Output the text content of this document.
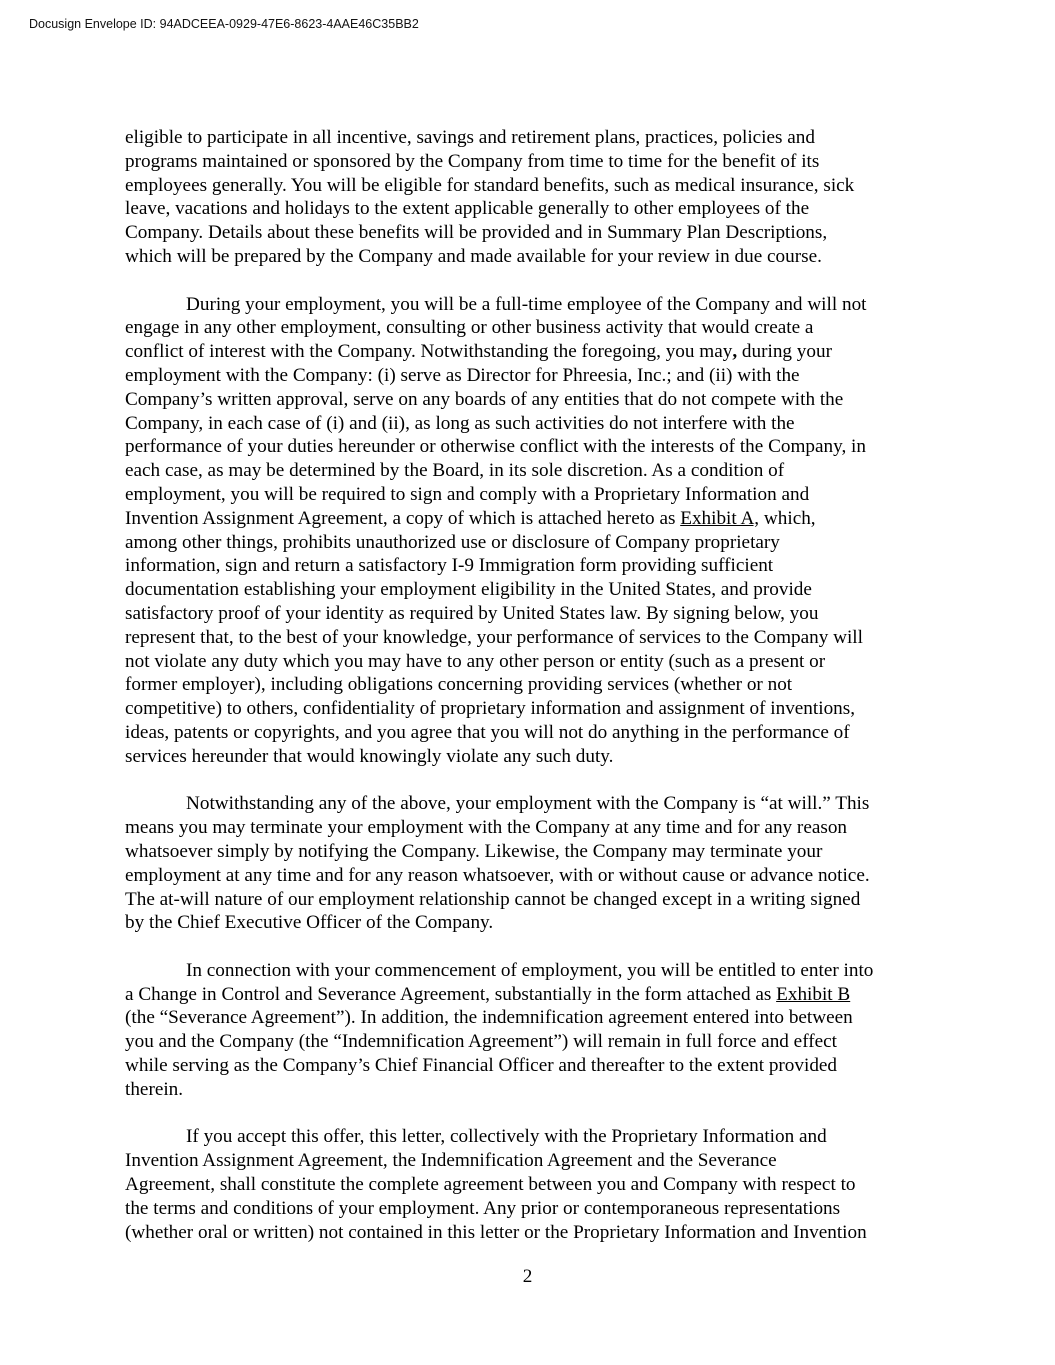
Docusign Envelope ID: 94ADCEEA-0929-47E6-8623-4AAE46C35BB2
eligible to participate in all incentive, savings and retirement plans, practices, policies and
programs maintained or sponsored by the Company from time to time for the benefit of its
employees generally. You will be eligible for standard benefits, such as medical insurance, sick
leave, vacations and holidays to the extent applicable generally to other employees of the
Company. Details about these benefits will be provided and in Summary Plan Descriptions,
which will be prepared by the Company and made available for your review in due course.
During your employment, you will be a full-time employee of the Company and will not
engage in any other employment, consulting or other business activity that would create a
conflict of interest with the Company. Notwithstanding the foregoing, you may, during your
employment with the Company: (i) serve as Director for Phreesia, Inc.; and (ii) with the
Company’s written approval, serve on any boards of any entities that do not compete with the
Company, in each case of (i) and (ii), as long as such activities do not interfere with the
performance of your duties hereunder or otherwise conflict with the interests of the Company, in
each case, as may be determined by the Board, in its sole discretion. As a condition of
employment, you will be required to sign and comply with a Proprietary Information and
Invention Assignment Agreement, a copy of which is attached hereto as Exhibit A, which,
among other things, prohibits unauthorized use or disclosure of Company proprietary
information, sign and return a satisfactory I-9 Immigration form providing sufficient
documentation establishing your employment eligibility in the United States, and provide
satisfactory proof of your identity as required by United States law. By signing below, you
represent that, to the best of your knowledge, your performance of services to the Company will
not violate any duty which you may have to any other person or entity (such as a present or
former employer), including obligations concerning providing services (whether or not
competitive) to others, confidentiality of proprietary information and assignment of inventions,
ideas, patents or copyrights, and you agree that you will not do anything in the performance of
services hereunder that would knowingly violate any such duty.
Notwithstanding any of the above, your employment with the Company is “at will.” This
means you may terminate your employment with the Company at any time and for any reason
whatsoever simply by notifying the Company. Likewise, the Company may terminate your
employment at any time and for any reason whatsoever, with or without cause or advance notice.
The at-will nature of our employment relationship cannot be changed except in a writing signed
by the Chief Executive Officer of the Company.
In connection with your commencement of employment, you will be entitled to enter into
a Change in Control and Severance Agreement, substantially in the form attached as Exhibit B
(the “Severance Agreement”). In addition, the indemnification agreement entered into between
you and the Company (the “Indemnification Agreement”) will remain in full force and effect
while serving as the Company’s Chief Financial Officer and thereafter to the extent provided
therein.
If you accept this offer, this letter, collectively with the Proprietary Information and
Invention Assignment Agreement, the Indemnification Agreement and the Severance
Agreement, shall constitute the complete agreement between you and Company with respect to
the terms and conditions of your employment. Any prior or contemporaneous representations
(whether oral or written) not contained in this letter or the Proprietary Information and Invention
2
